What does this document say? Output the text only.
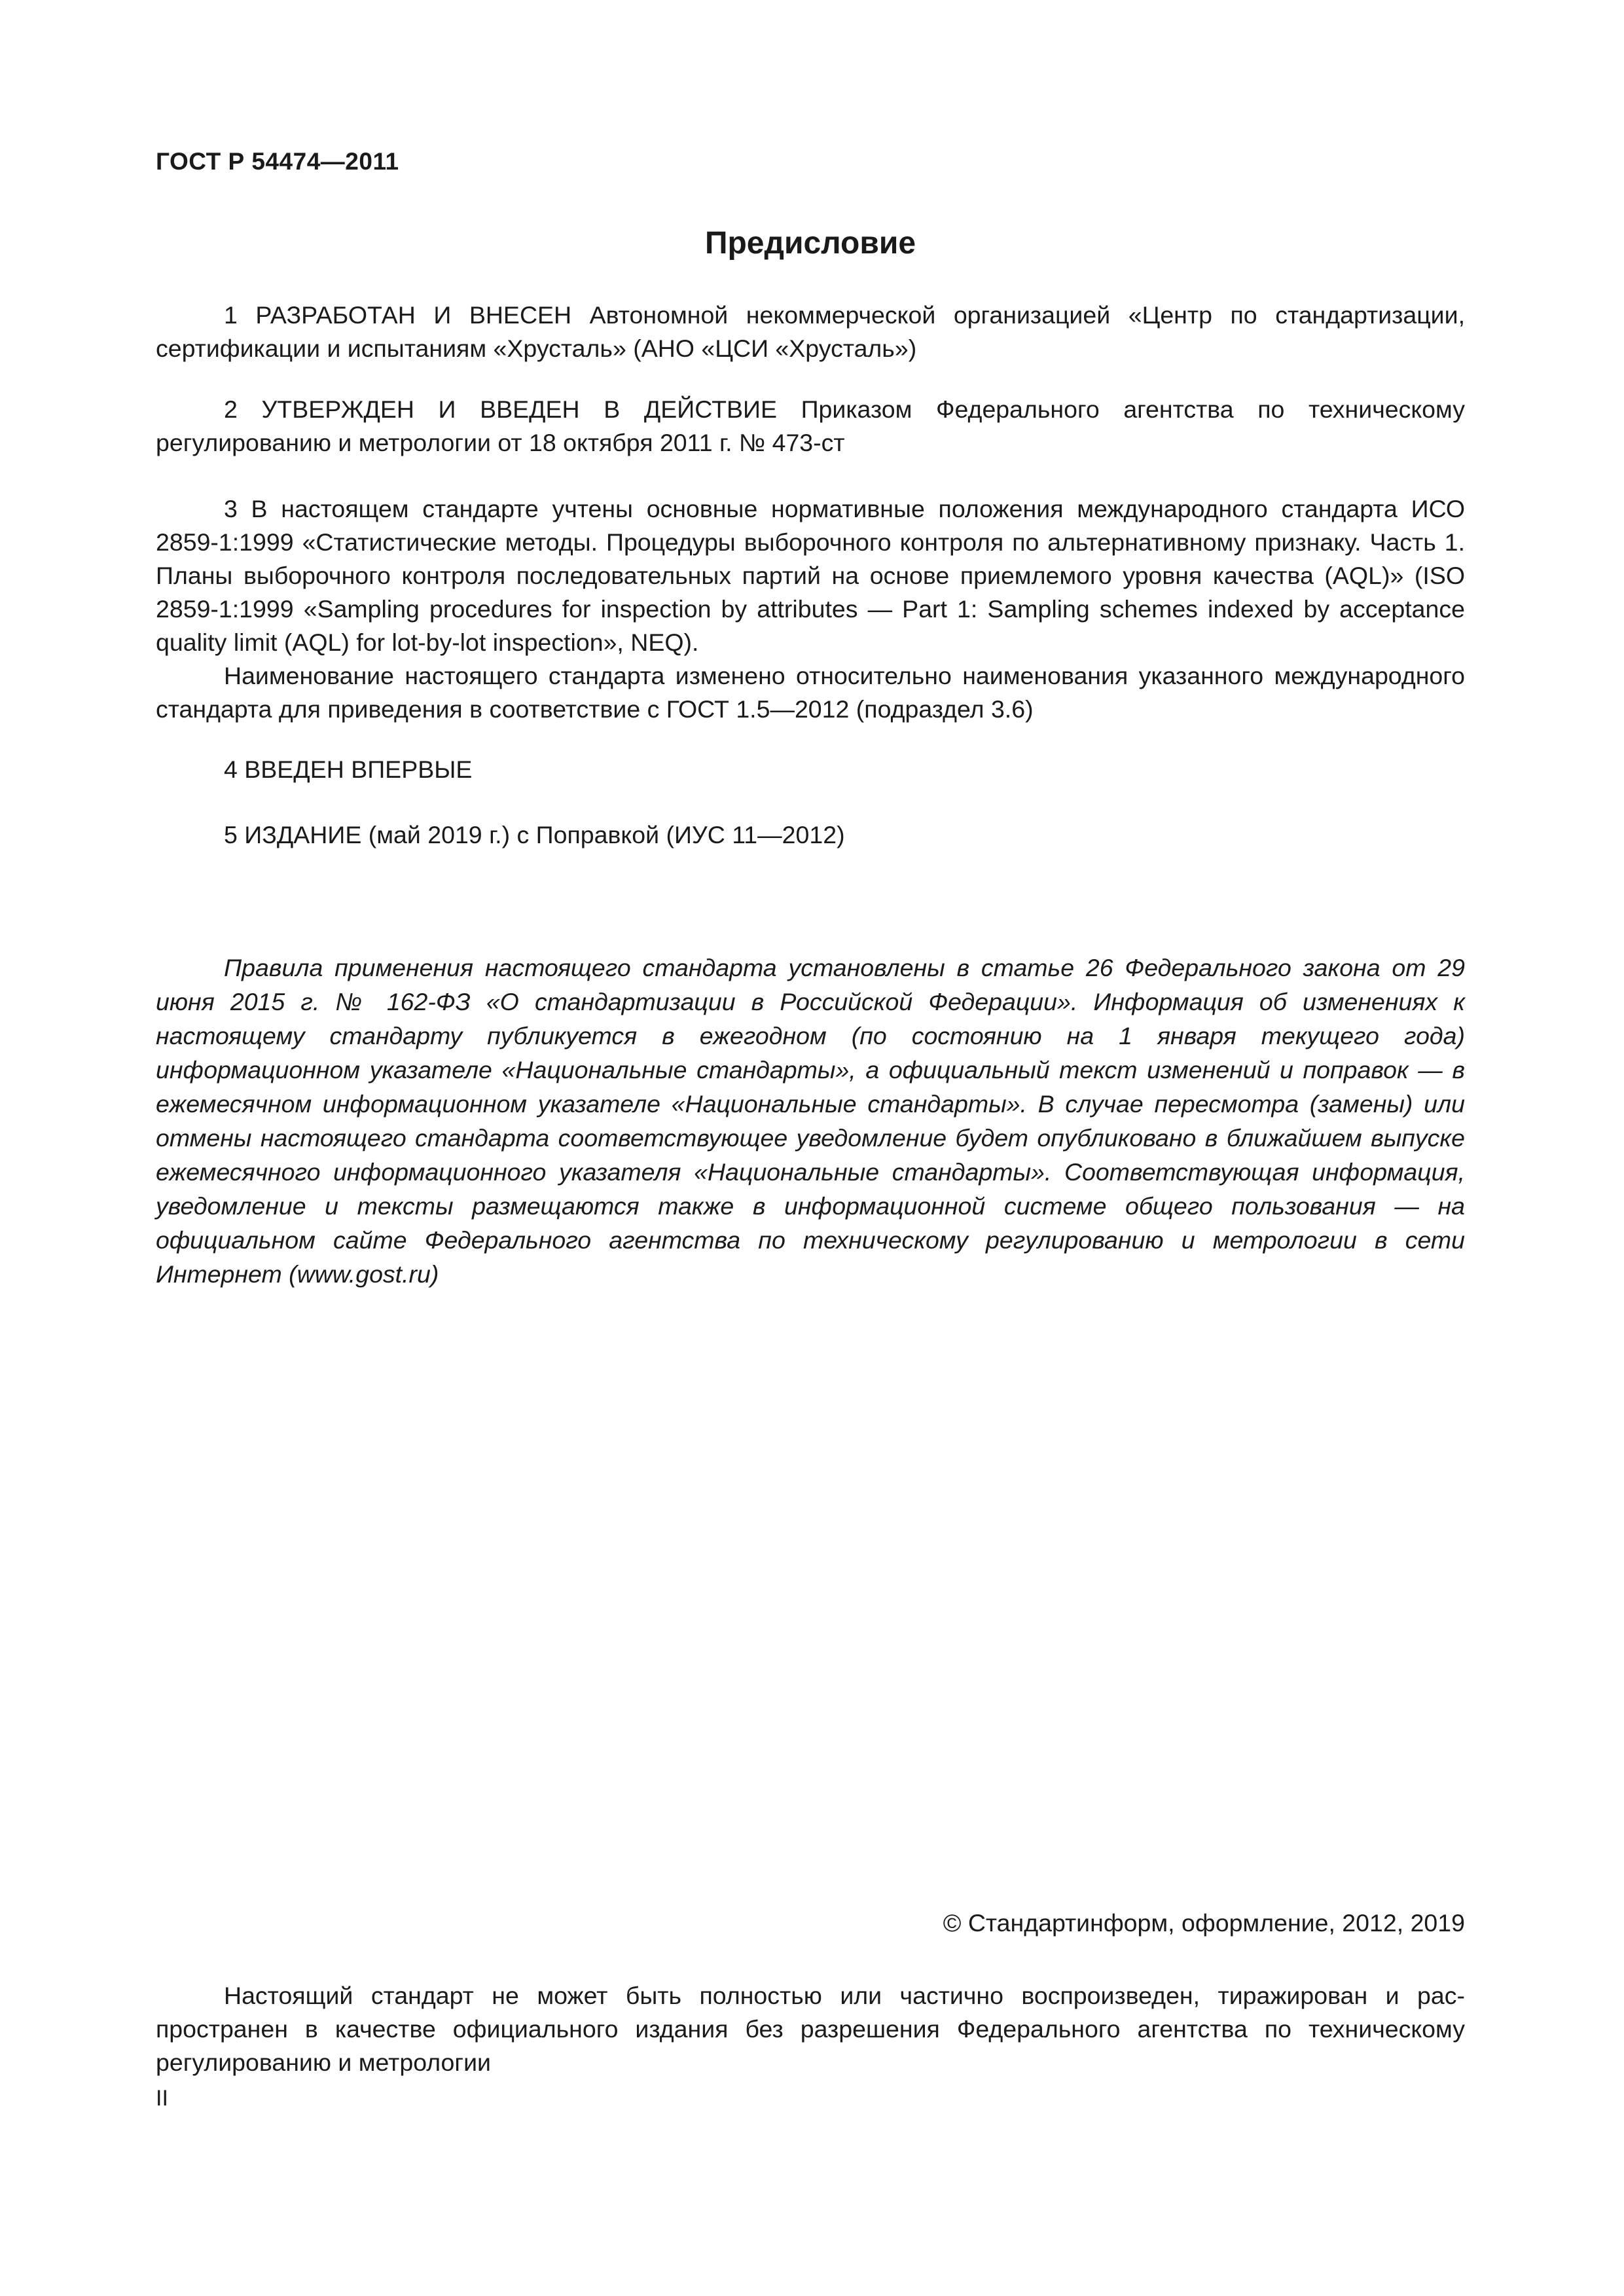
ГОСТ Р 54474—2011
Предисловие

1 РАЗРАБОТАН И ВНЕСЕН Автономной некоммерческой организацией «Центр по стандартизации, сертификации и испытаниям «Хрусталь» (АНО «ЦСИ «Хрусталь»)

2 УТВЕРЖДЕН И ВВЕДЕН В ДЕЙСТВИЕ Приказом Федерального агентства по техническому регулированию и метрологии от 18 октября 2011 г. № 473-ст

3 В настоящем стандарте учтены основные нормативные положения международного стандарта ИСО 2859-1:1999 «Статистические методы. Процедуры выборочного контроля по альтернативному признаку. Часть 1. Планы выборочного контроля последовательных партий на основе приемлемого уровня качества (AQL)» (ISO 2859-1:1999 «Sampling procedures for inspection by attributes — Part 1: Sampling schemes indexed by acceptance quality limit (AQL) for lot-by-lot inspection», NEQ).

Наименование настоящего стандарта изменено относительно наименования указанного международного стандарта для приведения в соответствие с ГОСТ 1.5—2012 (подраздел 3.6)

4 ВВЕДЕН ВПЕРВЫЕ

5 ИЗДАНИЕ (май 2019 г.) с Поправкой (ИУС 11—2012)

Правила применения настоящего стандарта установлены в статье 26 Федерального закона от 29 июня 2015 г. № 162-ФЗ «О стандартизации в Российской Федерации». Информация об изменениях к настоящему стандарту публикуется в ежегодном (по состоянию на 1 января текущего года) информационном указателе «Национальные стандарты», а официальный текст изменений и поправок — в ежемесячном информационном указателе «Национальные стандарты». В случае пересмотра (замены) или отмены настоящего стандарта соответствующее уведомление будет опубликовано в ближайшем выпуске ежемесячного информационного указателя «Национальные стандарты». Соответствующая информация, уведомление и тексты размещаются также в информационной системе общего пользования — на официальном сайте Федерального агентства по техническому регулированию и метрологии в сети Интернет (www.gost.ru)

© Стандартинформ, оформление, 2012, 2019

Настоящий стандарт не может быть полностью или частично воспроизведен, тиражирован и распространен в качестве официального издания без разрешения Федерального агентства по техническому регулированию и метрологии

II
